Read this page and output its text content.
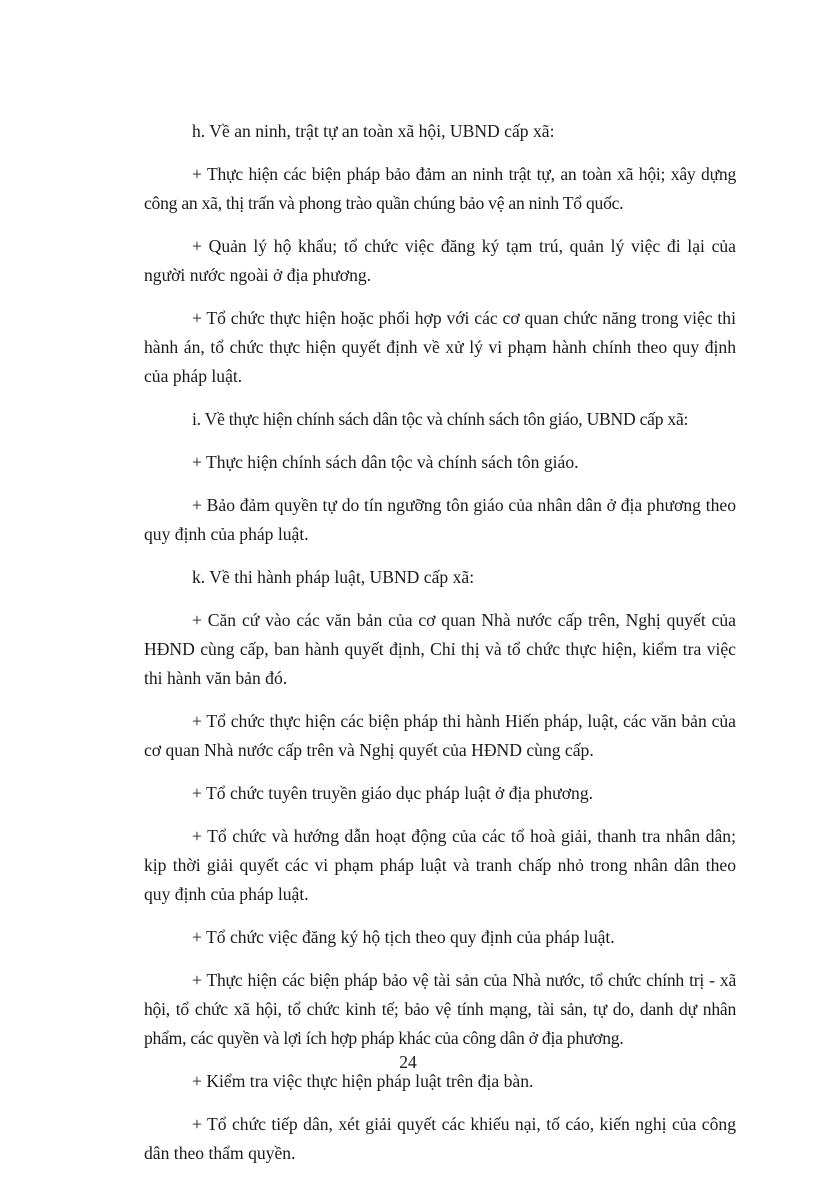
h. Về an ninh, trật tự an toàn xã hội, UBND cấp xã:

+ Thực hiện các biện pháp bảo đảm an ninh trật tự, an toàn xã hội; xây dựng công an xã, thị trấn và phong trào quần chúng bảo vệ an ninh Tổ quốc.

+ Quản lý hộ khẩu; tổ chức việc đăng ký tạm trú, quản lý việc đi lại của người nước ngoài ở địa phương.

+ Tổ chức thực hiện hoặc phối hợp với các cơ quan chức năng trong việc thi hành án, tổ chức thực hiện quyết định về xử lý vi phạm hành chính theo quy định của pháp luật.

i. Về thực hiện chính sách dân tộc và chính sách tôn giáo, UBND cấp xã:

+ Thực hiện chính sách dân tộc và chính sách tôn giáo.

+ Bảo đảm quyền tự do tín ngưỡng tôn giáo của nhân dân ở địa phương theo quy định của pháp luật.

k. Về thi hành pháp luật, UBND cấp xã:

+ Căn cứ vào các văn bản của cơ quan Nhà nước cấp trên, Nghị quyết của HĐND cùng cấp, ban hành quyết định, Chỉ thị và tổ chức thực hiện, kiểm tra việc thi hành văn bản đó.

+ Tổ chức thực hiện các biện pháp thi hành Hiến pháp, luật, các văn bản của cơ quan Nhà nước cấp trên và Nghị quyết của HĐND cùng cấp.

+ Tổ chức tuyên truyền giáo dục pháp luật ở địa phương.

+ Tổ chức và hướng dẫn hoạt động của các tổ hoà giải, thanh tra nhân dân; kịp thời giải quyết các vi phạm pháp luật và tranh chấp nhỏ trong nhân dân theo quy định của pháp luật.

+ Tổ chức việc đăng ký hộ tịch theo quy định của pháp luật.

+ Thực hiện các biện pháp bảo vệ tài sản của Nhà nước, tổ chức chính trị - xã hội, tổ chức xã hội, tổ chức kinh tế; bảo vệ tính mạng, tài sản, tự do, danh dự nhân phẩm, các quyền và lợi ích hợp pháp khác của công dân ở địa phương.

+ Kiểm tra việc thực hiện pháp luật trên địa bàn.

+ Tổ chức tiếp dân, xét giải quyết các khiếu nại, tố cáo, kiến nghị của công dân theo thẩm quyền.

24
